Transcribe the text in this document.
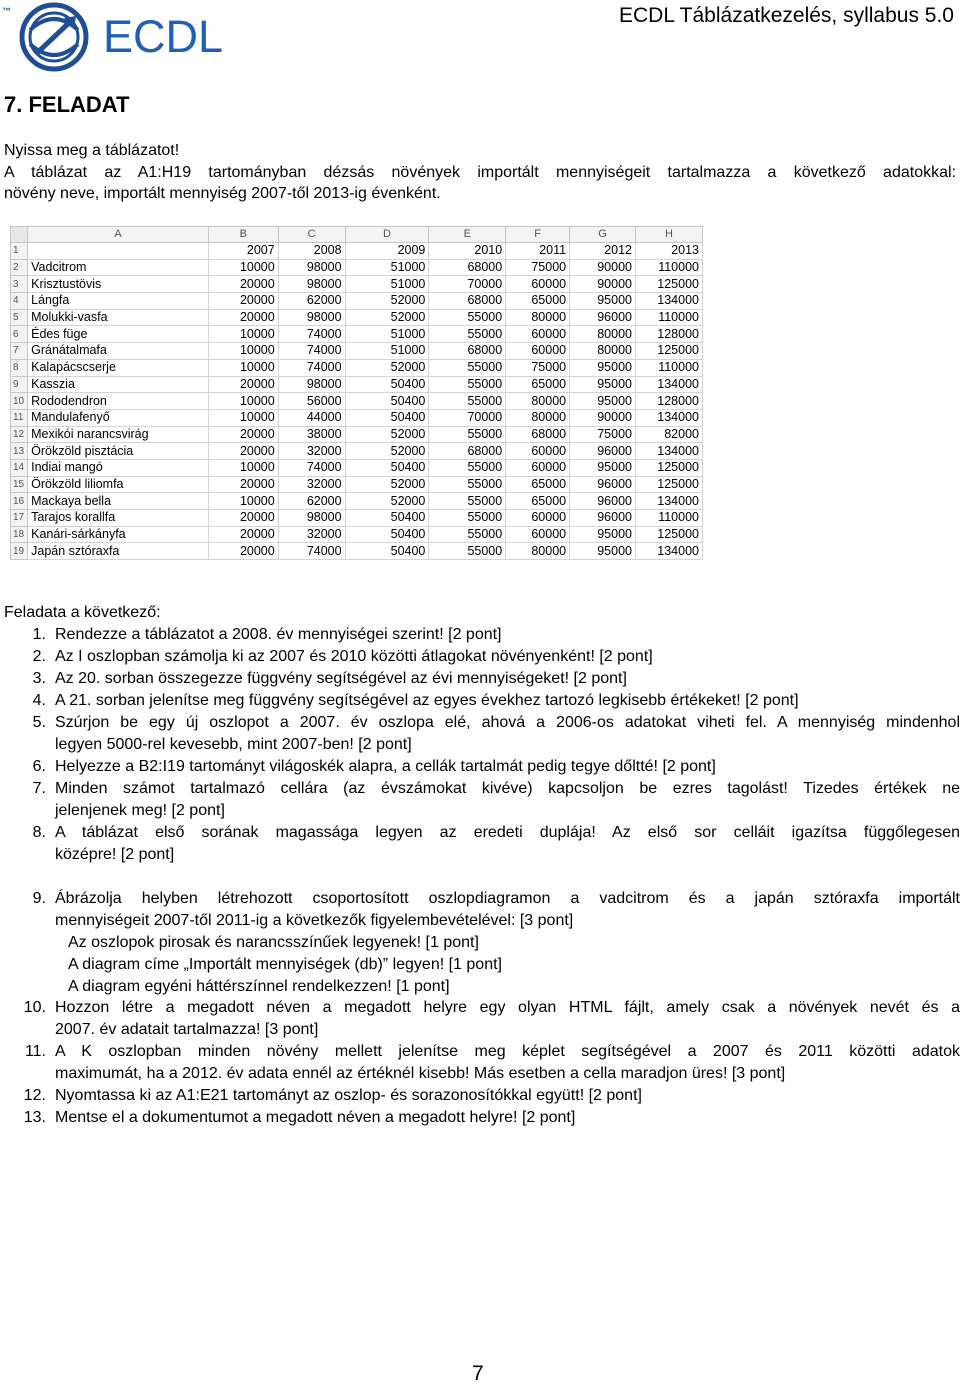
™ ECDL	ECDL Táblázatkezelés, syllabus 5.0
7. FELADAT
Nyissa meg a táblázatot!
A táblázat az A1:H19 tartományban dézsás növények importált mennyiségeit tartalmazza a következő adatokkal:
növény neve, importált mennyiség 2007-től 2013-ig évenként.
	A	B	C	D	E	F	G	H
1		2007	2008	2009	2010	2011	2012	2013
2	Vadcitrom	10000	98000	51000	68000	75000	90000	110000
3	Krisztustövis	20000	98000	51000	70000	60000	90000	125000
4	Lángfa	20000	62000	52000	68000	65000	95000	134000
5	Molukki-vasfa	20000	98000	52000	55000	80000	96000	110000
6	Édes füge	10000	74000	51000	55000	60000	80000	128000
7	Gránátalmafa	10000	74000	51000	68000	60000	80000	125000
8	Kalapácscserje	10000	74000	52000	55000	75000	95000	110000
9	Kasszia	20000	98000	50400	55000	65000	95000	134000
10	Rododendron	10000	56000	50400	55000	80000	95000	128000
11	Mandulafenyő	10000	44000	50400	70000	80000	90000	134000
12	Mexikói narancsvirág	20000	38000	52000	55000	68000	75000	82000
13	Örökzöld pisztácia	20000	32000	52000	68000	60000	96000	134000
14	Indiai mangó	10000	74000	50400	55000	60000	95000	125000
15	Örökzöld liliomfa	20000	32000	52000	55000	65000	96000	125000
16	Mackaya bella	10000	62000	52000	55000	65000	96000	134000
17	Tarajos korallfa	20000	98000	50400	55000	60000	96000	110000
18	Kanári-sárkányfa	20000	32000	50400	55000	60000	95000	125000
19	Japán sztóraxfa	20000	74000	50400	55000	80000	95000	134000
Feladata a következő:
1. Rendezze a táblázatot a 2008. év mennyiségei szerint! [2 pont]
2. Az I oszlopban számolja ki az 2007 és 2010 közötti átlagokat növényenként! [2 pont]
3. Az 20. sorban összegezze függvény segítségével az évi mennyiségeket! [2 pont]
4. A 21. sorban jelenítse meg függvény segítségével az egyes évekhez tartozó legkisebb értékeket! [2 pont]
5. Szúrjon be egy új oszlopot a 2007. év oszlopa elé, ahová a 2006-os adatokat viheti fel. A mennyiség mindenhol
legyen 5000-rel kevesebb, mint 2007-ben! [2 pont]
6. Helyezze a B2:I19 tartományt világoskék alapra, a cellák tartalmát pedig tegye dőltté! [2 pont]
7. Minden számot tartalmazó cellára (az évszámokat kivéve) kapcsoljon be ezres tagolást! Tizedes értékek ne
jelenjenek meg! [2 pont]
8. A táblázat első sorának magassága legyen az eredeti duplája! Az első sor celláit igazítsa függőlegesen
középre! [2 pont]
9. Ábrázolja helyben létrehozott csoportosított oszlopdiagramon a vadcitrom és a japán sztóraxfa importált
mennyiségeit 2007-től 2011-ig a következők figyelembevételével: [3 pont]
10. Hozzon létre a megadott néven a megadott helyre egy olyan HTML fájlt, amely csak a növények nevét és a
2007. év adatait tartalmazza! [3 pont]
11. A K oszlopban minden növény mellett jelenítse meg képlet segítségével a 2007 és 2011 közötti adatok
maximumát, ha a 2012. év adata ennél az értéknél kisebb! Más esetben a cella maradjon üres! [3 pont]
12. Nyomtassa ki az A1:E21 tartományt az oszlop- és sorazonosítókkal együtt! [2 pont]
13. Mentse el a dokumentumot a megadott néven a megadott helyre! [2 pont]
Az oszlopok pirosak és narancsszínűek legyenek! [1 pont]
A diagram címe „Importált mennyiségek (db)” legyen! [1 pont]
A diagram egyéni háttérszínnel rendelkezzen! [1 pont]
7
